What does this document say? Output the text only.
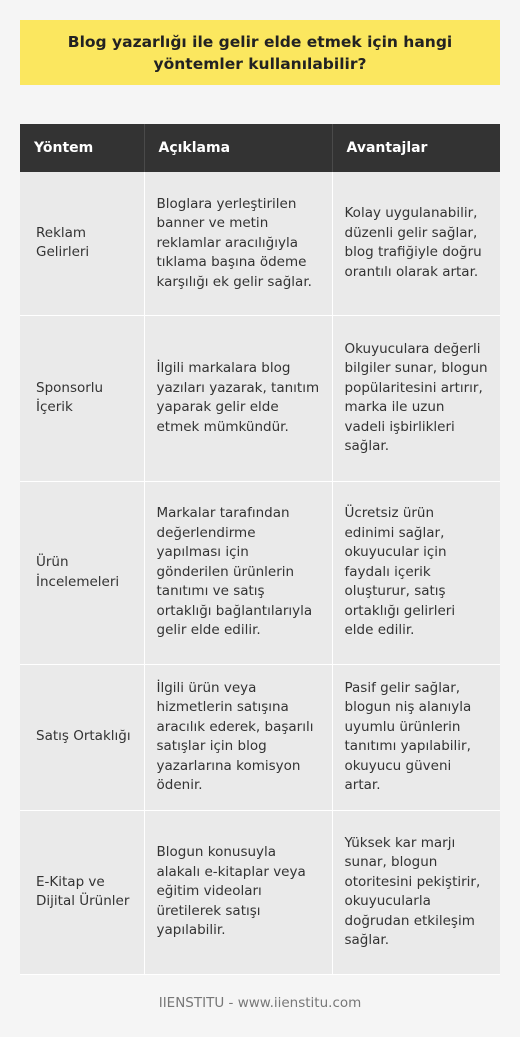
Blog yazarlığı ile gelir elde etmek için hangi yöntemler kullanılabilir?
Yöntem	Açıklama	Avantajlar
Reklam Gelirleri	Bloglara yerleştirilen banner ve metin reklamlar aracılığıyla tıklama başına ödeme karşılığı ek gelir sağlar.	Kolay uygulanabilir, düzenli gelir sağlar, blog trafiğiyle doğru orantılı olarak artar.
Sponsorlu İçerik	İlgili markalara blog yazıları yazarak, tanıtım yaparak gelir elde etmek mümkündür.	Okuyuculara değerli bilgiler sunar, blogun popülaritesini artırır, marka ile uzun vadeli işbirlikleri sağlar.
Ürün İncelemeleri	Markalar tarafından değerlendirme yapılması için gönderilen ürünlerin tanıtımı ve satış ortaklığı bağlantılarıyla gelir elde edilir.	Ücretsiz ürün edinimi sağlar, okuyucular için faydalı içerik oluşturur, satış ortaklığı gelirleri elde edilir.
Satış Ortaklığı	İlgili ürün veya hizmetlerin satışına aracılık ederek, başarılı satışlar için blog yazarlarına komisyon ödenir.	Pasif gelir sağlar, blogun niş alanıyla uyumlu ürünlerin tanıtımı yapılabilir, okuyucu güveni artar.
E-Kitap ve Dijital Ürünler	Blogun konusuyla alakalı e-kitaplar veya eğitim videoları üretilerek satışı yapılabilir.	Yüksek kar marjı sunar, blogun otoritesini pekiştirir, okuyucularla doğrudan etkileşim sağlar.
IIENSTITU - www.iienstitu.com
